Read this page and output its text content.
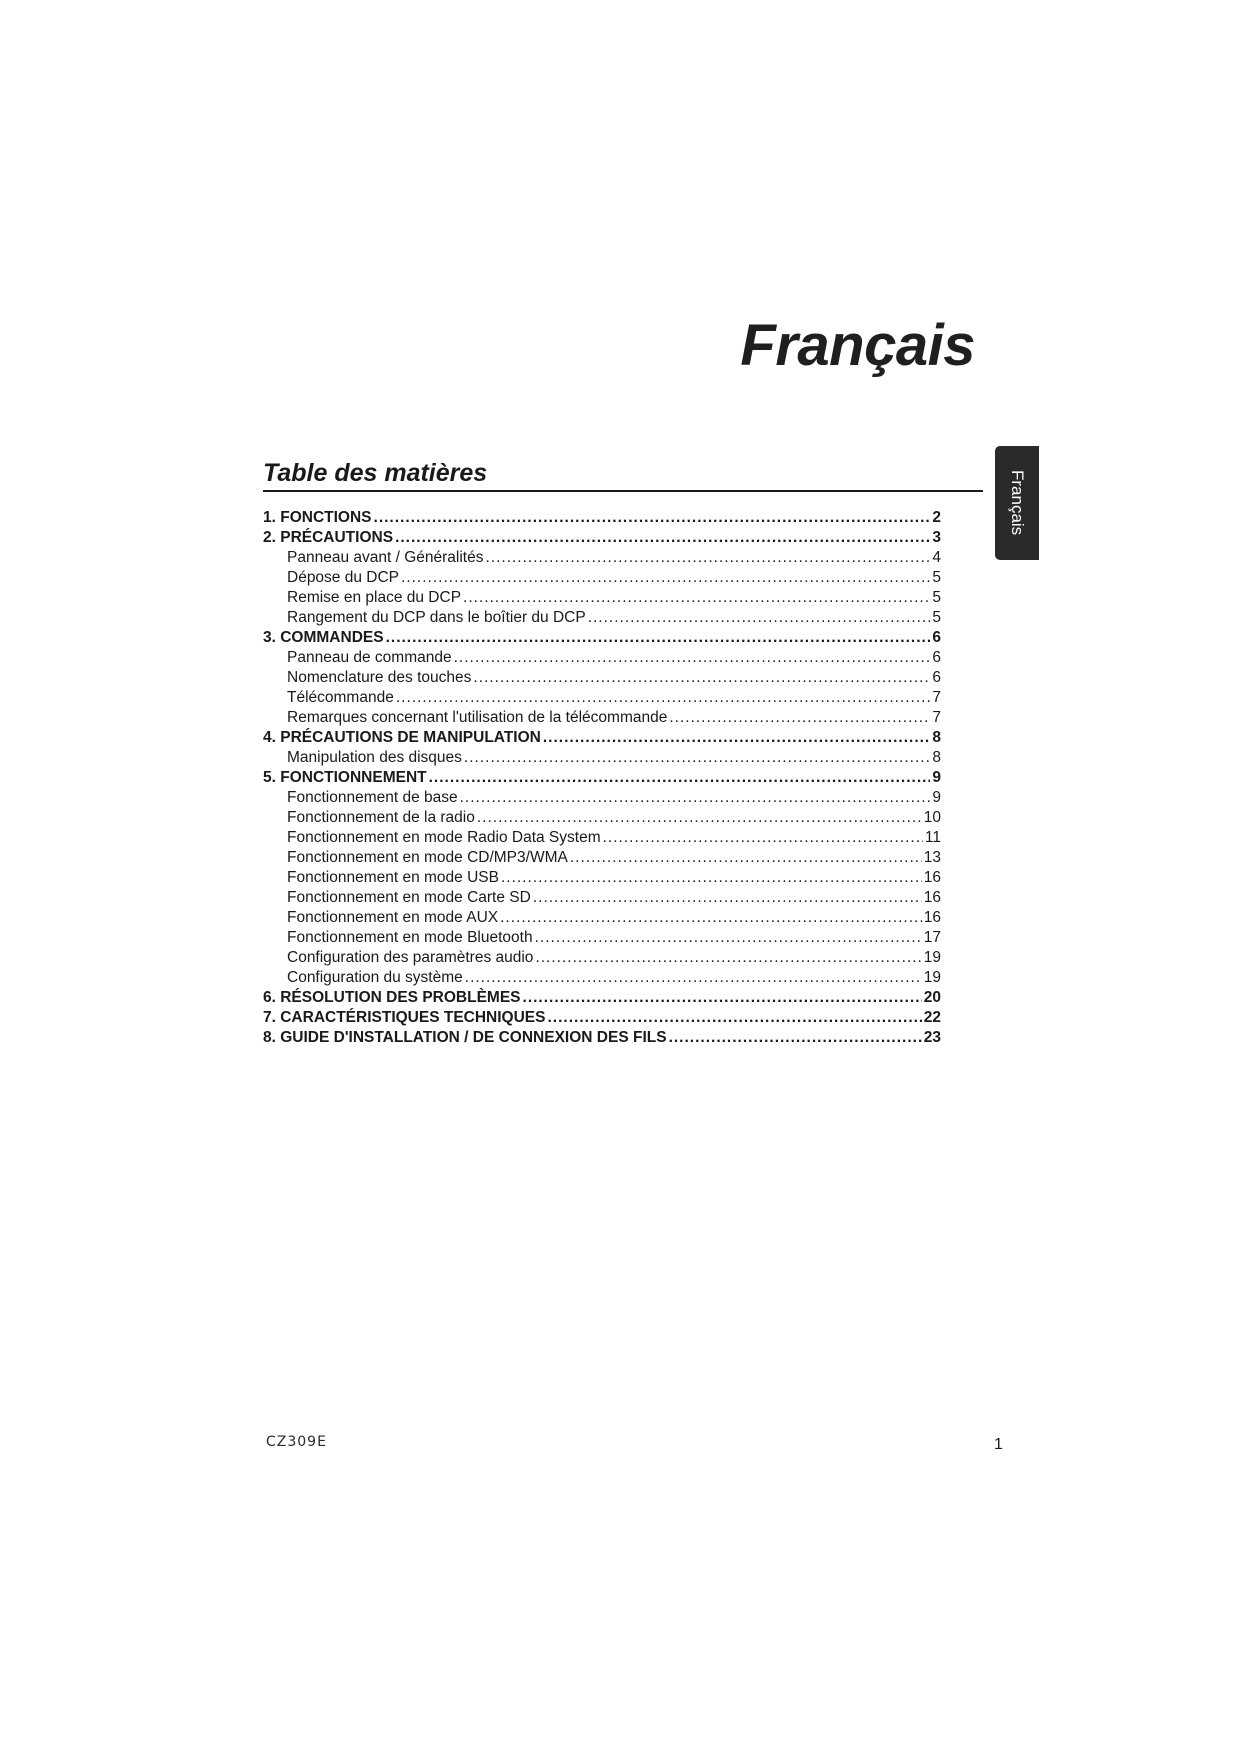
Français
Français
Table des matières
1. FONCTIONS .....	2
2. PRÉCAUTIONS .....	3
Panneau avant / Généralités .....	4
Dépose du DCP .....	5
Remise en place du DCP .....	5
Rangement du DCP dans le boîtier du DCP .....	5
3. COMMANDES .....	6
Panneau de commande .....	6
Nomenclature des touches .....	6
Télécommande .....	7
Remarques concernant l'utilisation de la télécommande .....	7
4. PRÉCAUTIONS DE MANIPULATION .....	8
Manipulation des disques .....	8
5. FONCTIONNEMENT .....	9
Fonctionnement de base .....	9
Fonctionnement de la radio .....	10
Fonctionnement en mode Radio Data System .....	11
Fonctionnement en mode CD/MP3/WMA .....	13
Fonctionnement en mode USB .....	16
Fonctionnement en mode Carte SD .....	16
Fonctionnement en mode AUX .....	16
Fonctionnement en mode Bluetooth .....	17
Configuration des paramètres audio .....	19
Configuration du système .....	19
6. RÉSOLUTION DES PROBLÈMES .....	20
7. CARACTÉRISTIQUES TECHNIQUES .....	22
8. GUIDE D'INSTALLATION / DE CONNEXION DES FILS .....	23
CZ309E	1
